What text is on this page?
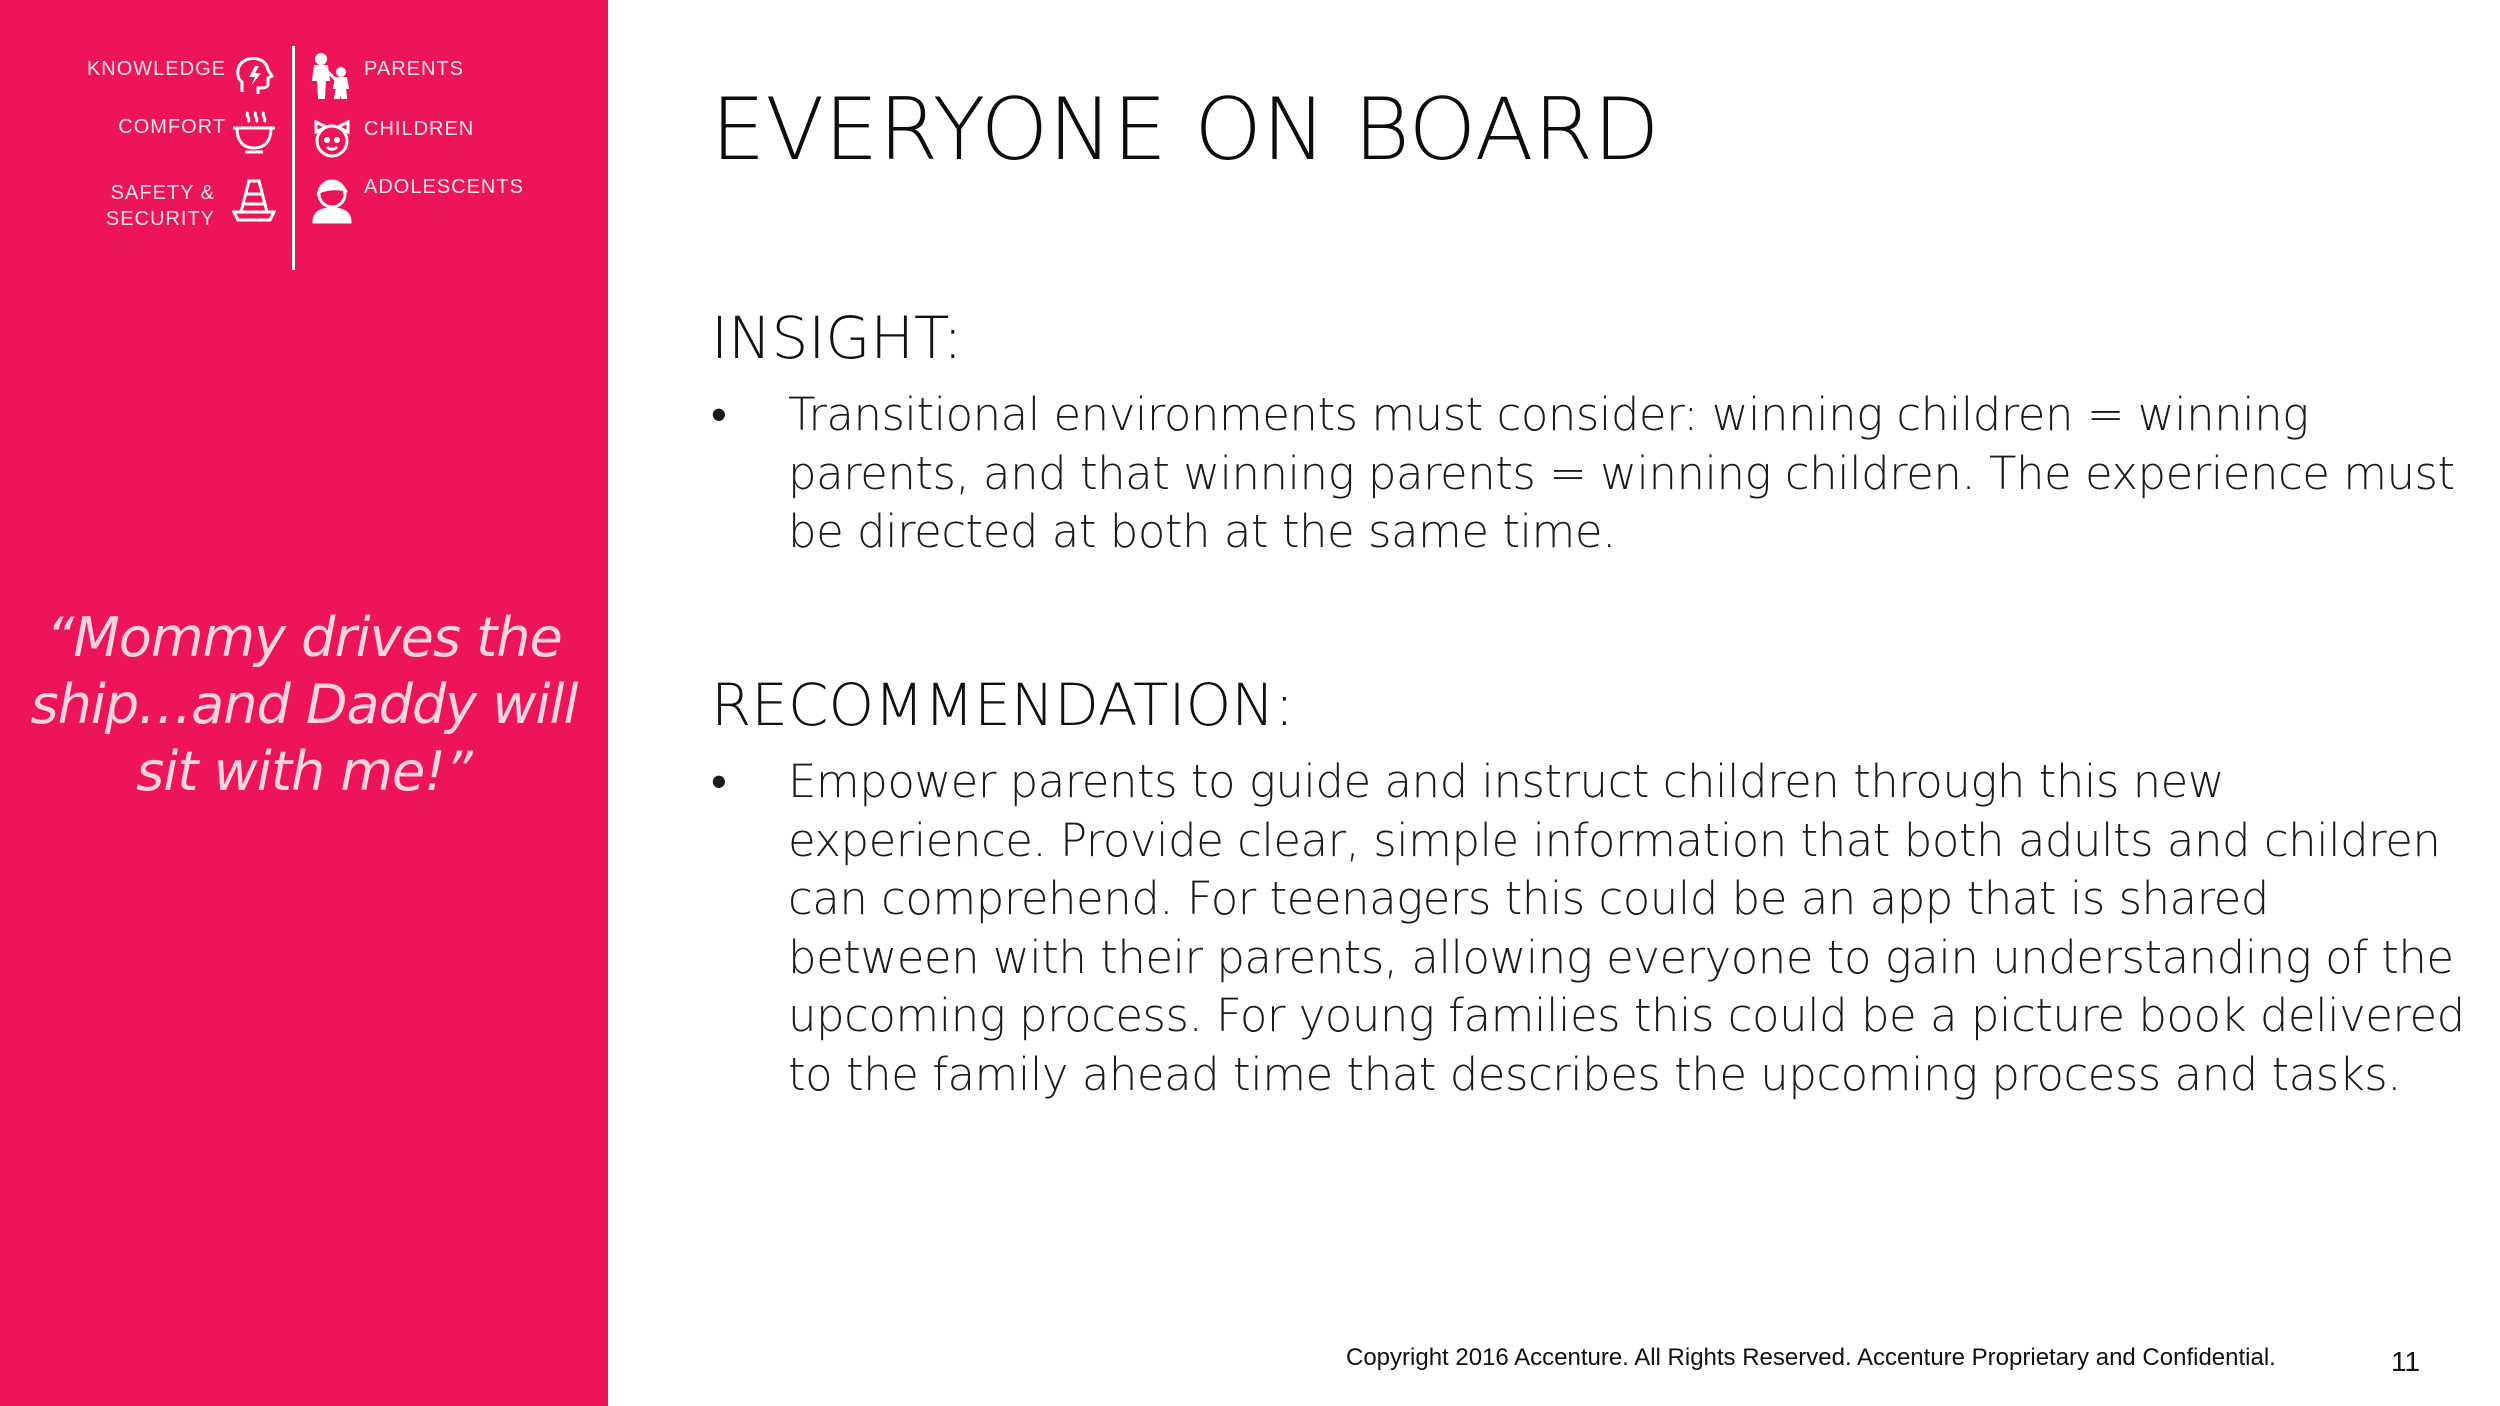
KNOWLEDGE
COMFORT
SAFETY &
SECURITY
PARENTS
CHILDREN
ADOLESCENTS
“Mommy drives the ship…and Daddy will sit with me!”
EVERYONE ON BOARD
INSIGHT:
• Transitional environments must consider: winning children = winning parents, and that winning parents = winning children. The experience must be directed at both at the same time.
RECOMMENDATION:
• Empower parents to guide and instruct children through this new experience. Provide clear, simple information that both adults and children can comprehend. For teenagers this could be an app that is shared between with their parents, allowing everyone to gain understanding of the upcoming process. For young families this could be a picture book delivered to the family ahead time that describes the upcoming process and tasks.
Copyright 2016 Accenture. All Rights Reserved. Accenture Proprietary and Confidential.	11
